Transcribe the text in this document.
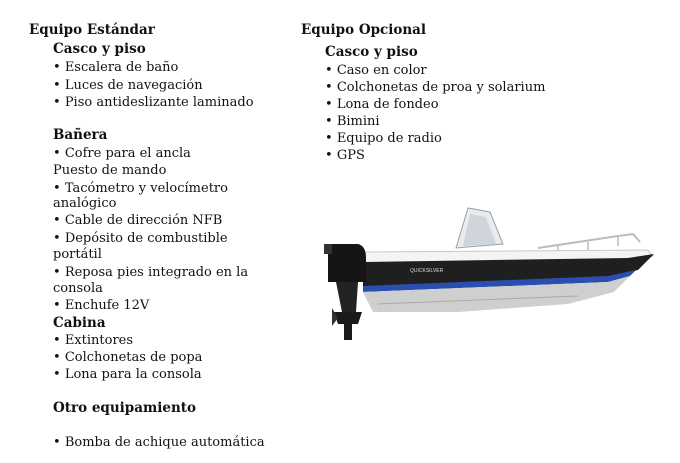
Equipo Estándar
Casco y piso
• Escalera de baño
• Luces de navegación
• Piso antideslizante laminado
Bañera
• Cofre para el ancla
Puesto de mando
• Tacómetro y velocímetro
analógico
• Cable de dirección NFB
• Depósito de combustible
portátil
• Reposa pies integrado en la
consola
• Enchufe 12V
Cabina
• Extintores
• Colchonetas de popa
• Lona para la consola
Otro equipamiento
• Bomba de achique automática
Equipo Opcional
Casco y piso
• Caso en color
• Colchonetas de proa y solarium
• Lona de fondeo
• Bimini
• Equipo de radio
• GPS
QUICKSILVER
